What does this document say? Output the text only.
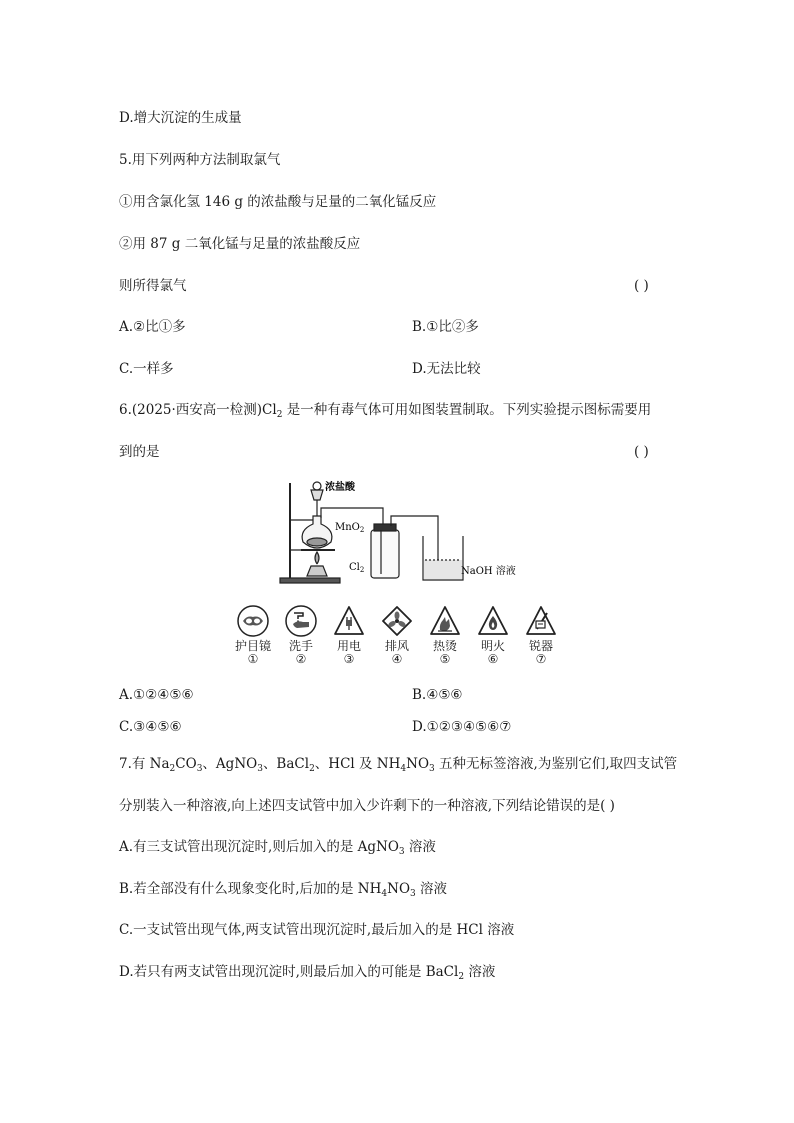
D.增大沉淀的生成量
5.用下列两种方法制取氯气
①用含氯化氢 146 g 的浓盐酸与足量的二氧化锰反应
②用 87 g 二氧化锰与足量的浓盐酸反应
则所得氯气	( )
A.②比①多	B.①比②多
C.一样多	D.无法比较
6.(2025·西安高一检测)$Cl_2$ 是一种有毒气体可用如图装置制取。下列实验提示图标需要用
到的是	( )
浓盐酸
MnO$_2$
$Cl_2$	NaOH 溶液
护目镜
①
洗手
②
用电
③
排风
④
热烫
⑤
明火
⑥
锐器
⑦
A.①②④⑤⑥	B.④⑤⑥
C.③④⑤⑥	D.①②③④⑤⑥⑦
7.有 $Na_2CO_3$、AgNO$_3$、BaCl$_2$、HCl 及 $NH_4NO_3$ 五种无标签溶液,为鉴别它们,取四支试管
分别装入一种溶液,向上述四支试管中加入少许剩下的一种溶液,下列结论错误的是( )
A.有三支试管出现沉淀时,则后加入的是 AgNO$_3$ 溶液
B.若全部没有什么现象变化时,后加的是 $NH_4NO_3$ 溶液
C.一支试管出现气体,两支试管出现沉淀时,最后加入的是 HCl 溶液
D.若只有两支试管出现沉淀时,则最后加入的可能是 BaCl$_2$ 溶液
